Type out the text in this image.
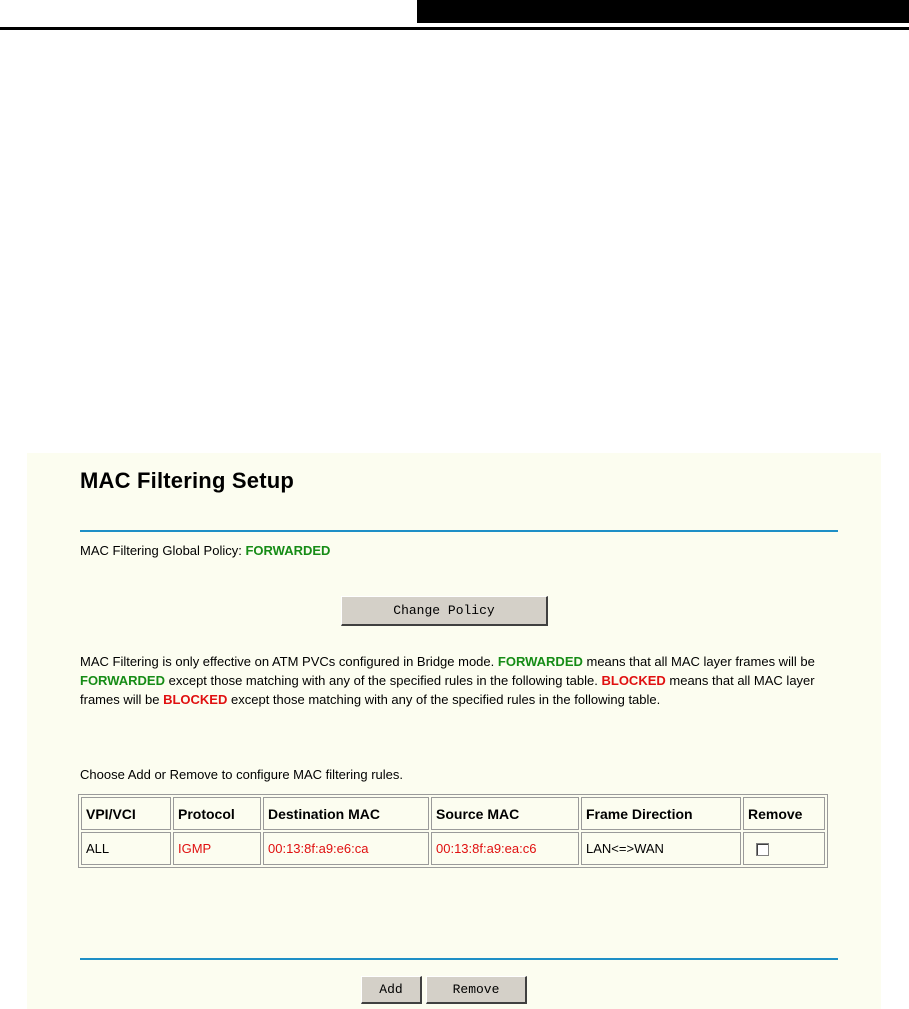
MAC Filtering Setup
MAC Filtering Global Policy: FORWARDED
Change Policy
MAC Filtering is only effective on ATM PVCs configured in Bridge mode. FORWARDED means that all MAC layer frames will be FORWARDED except those matching with any of the specified rules in the following table. BLOCKED means that all MAC layer frames will be BLOCKED except those matching with any of the specified rules in the following table.
Choose Add or Remove to configure MAC filtering rules.
VPI/VCI	Protocol	Destination MAC	Source MAC	Frame Direction	Remove
ALL	IGMP	00:13:8f:a9:e6:ca	00:13:8f:a9:ea:c6	LAN<=>WAN	
Add	Remove
